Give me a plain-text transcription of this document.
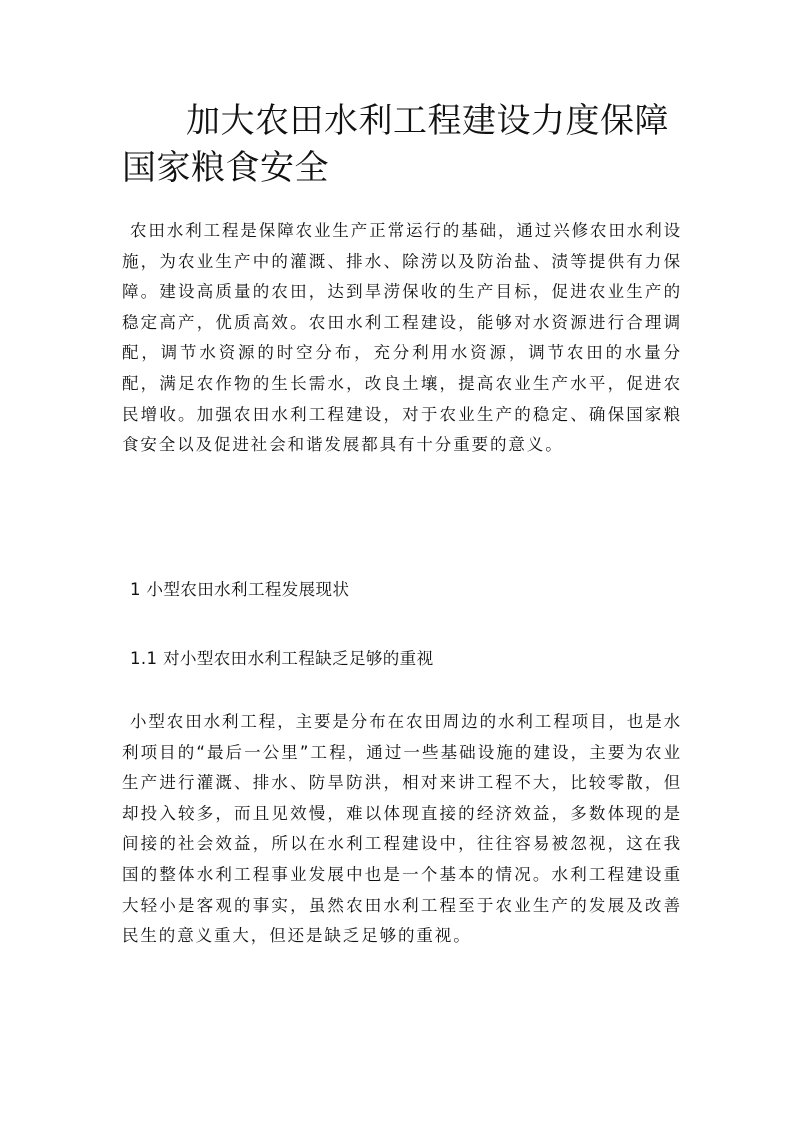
加大农田水利工程建设力度保障
国家粮食安全

农田水利工程是保障农业生产正常运行的基础，通过兴修农田水利设施，为农业生产中的灌溉、排水、除涝以及防治盐、渍等提供有力保障。建设高质量的农田，达到旱涝保收的生产目标，促进农业生产的稳定高产，优质高效。农田水利工程建设，能够对水资源进行合理调配，调节水资源的时空分布，充分利用水资源，调节农田的水量分配，满足农作物的生长需水，改良土壤，提高农业生产水平，促进农民增收。加强农田水利工程建设，对于农业生产的稳定、确保国家粮食安全以及促进社会和谐发展都具有十分重要的意义。

1 小型农田水利工程发展现状
1.1 对小型农田水利工程缺乏足够的重视

小型农田水利工程，主要是分布在农田周边的水利工程项目，也是水利项目的“最后一公里”工程，通过一些基础设施的建设，主要为农业生产进行灌溉、排水、防旱防洪，相对来讲工程不大，比较零散，但却投入较多，而且见效慢，难以体现直接的经济效益，多数体现的是间接的社会效益，所以在水利工程建设中，往往容易被忽视，这在我国的整体水利工程事业发展中也是一个基本的情况。水利工程建设重大轻小是客观的事实，虽然农田水利工程至于农业生产的发展及改善民生的意义重大，但还是缺乏足够的重视。
